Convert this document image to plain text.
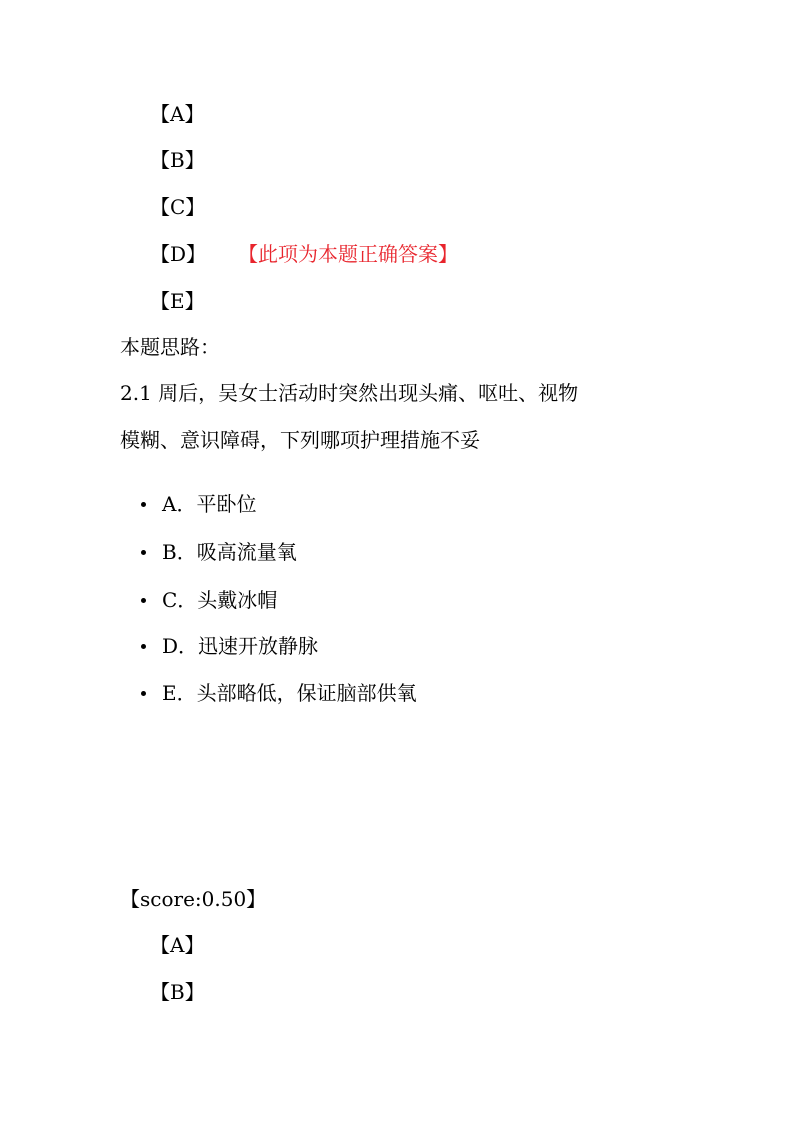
【A】
【B】
【C】
【D】 【此项为本题正确答案】
【E】
本题思路：
2.1 周后，吴女士活动时突然出现头痛、呕吐、视物
模糊、意识障碍，下列哪项护理措施不妥
A．平卧位
B．吸高流量氧
C．头戴冰帽
D．迅速开放静脉
E．头部略低，保证脑部供氧
【score:0.50】
【A】
【B】
